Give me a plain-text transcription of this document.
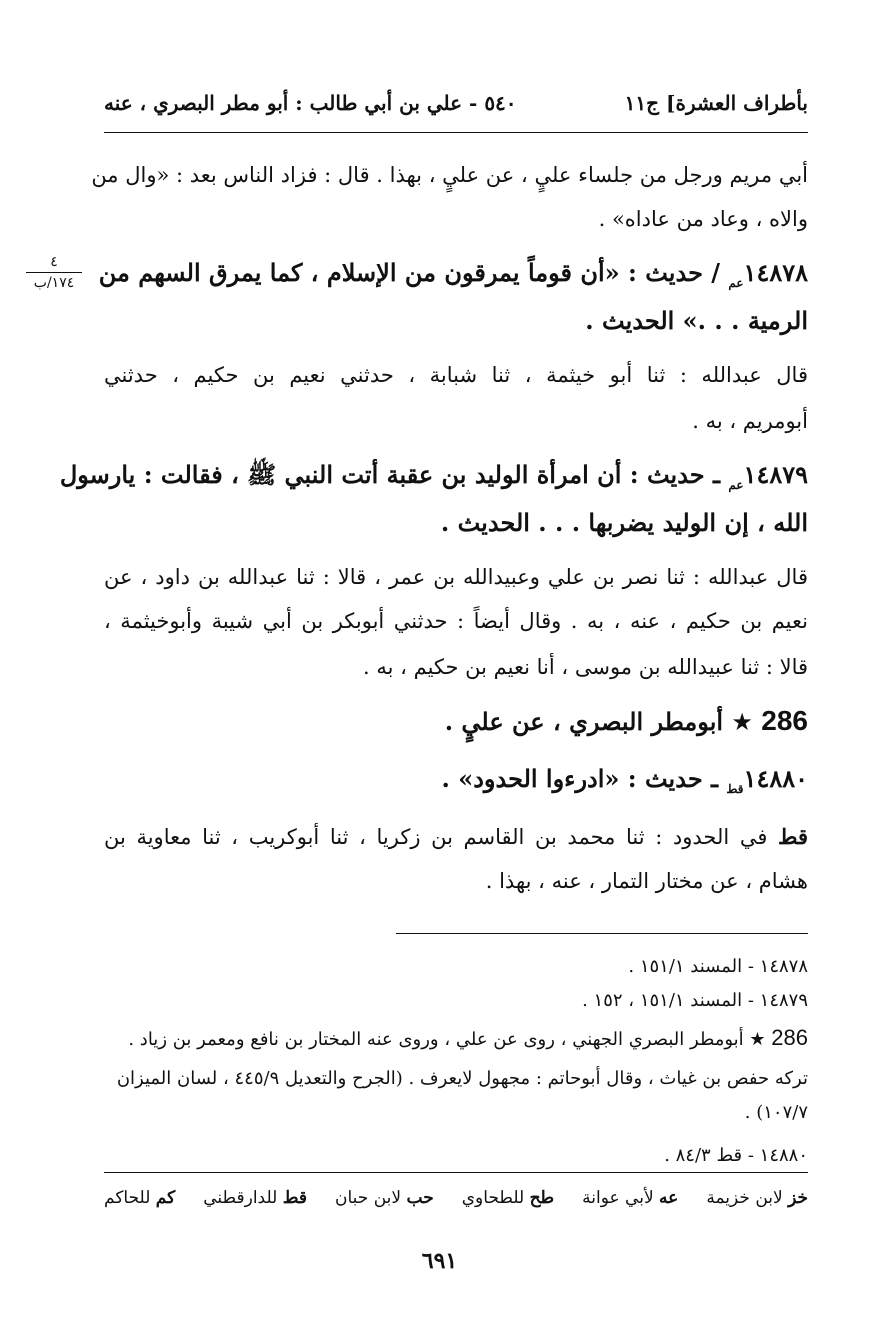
بأطراف العشرة] ج١١
٥٤٠ - علي بن أبي طالب : أبو مطر البصري ، عنه
٤
١٧٤/ب
أبي مريم ورجل من جلساء عليٍ ، عن عليٍ ، بهذا . قال : فزاد الناس بعد : «وال من
والاه ، وعاد من عاداه» .
$١٤٨٧٨_{عم}$ / حديث : «أن قوماً يمرقون من الإسلام ، كما يمرق السهم من
الرمية . . .» الحديث .
قال عبدالله : ثنا أبو خيثمة ، ثنا شبابة ، حدثني نعيم بن حكيم ، حدثني
أبومريم ، به .
$١٤٨٧٩_{عم}$ ـ حديث : أن امرأة الوليد بن عقبة أتت النبي ﷺ ، فقالت : يارسول
الله ، إن الوليد يضربها . . . الحديث .
قال عبدالله : ثنا نصر بن علي وعبيدالله بن عمر ، قالا : ثنا عبدالله بن داود ، عن
نعيم بن حكيم ، عنه ، به . وقال أيضاً : حدثني أبوبكر بن أبي شيبة وأبوخيثمة ،
قالا : ثنا عبيدالله بن موسى ، أنا نعيم بن حكيم ، به .
286 ★ أبومطر البصري ، عن عليٍ .
$١٤٨٨٠_{قط}$ ـ حديث : «ادرءوا الحدود» .
قط في الحدود : ثنا محمد بن القاسم بن زكريا ، ثنا أبوكريب ، ثنا معاوية بن
هشام ، عن مختار التمار ، عنه ، بهذا .
١٤٨٧٨ - المسند ١٥١/١ .
١٤٨٧٩ - المسند ١٥١/١ ، ١٥٢ .
286 ★ أبومطر البصري الجهني ، روى عن علي ، وروى عنه المختار بن نافع ومعمر بن زياد .
تركه حفص بن غياث ، وقال أبوحاتم : مجهول لايعرف . (الجرح والتعديل ٤٤٥/٩ ، لسان الميزان
١٠٧/٧) .
١٤٨٨٠ - قط ٨٤/٣ .
خز لابن خزيمة
عه لأبي عوانة
طح للطحاوي
حب لابن حبان
قط للدارقطني
كم للحاكم
٦٩١
